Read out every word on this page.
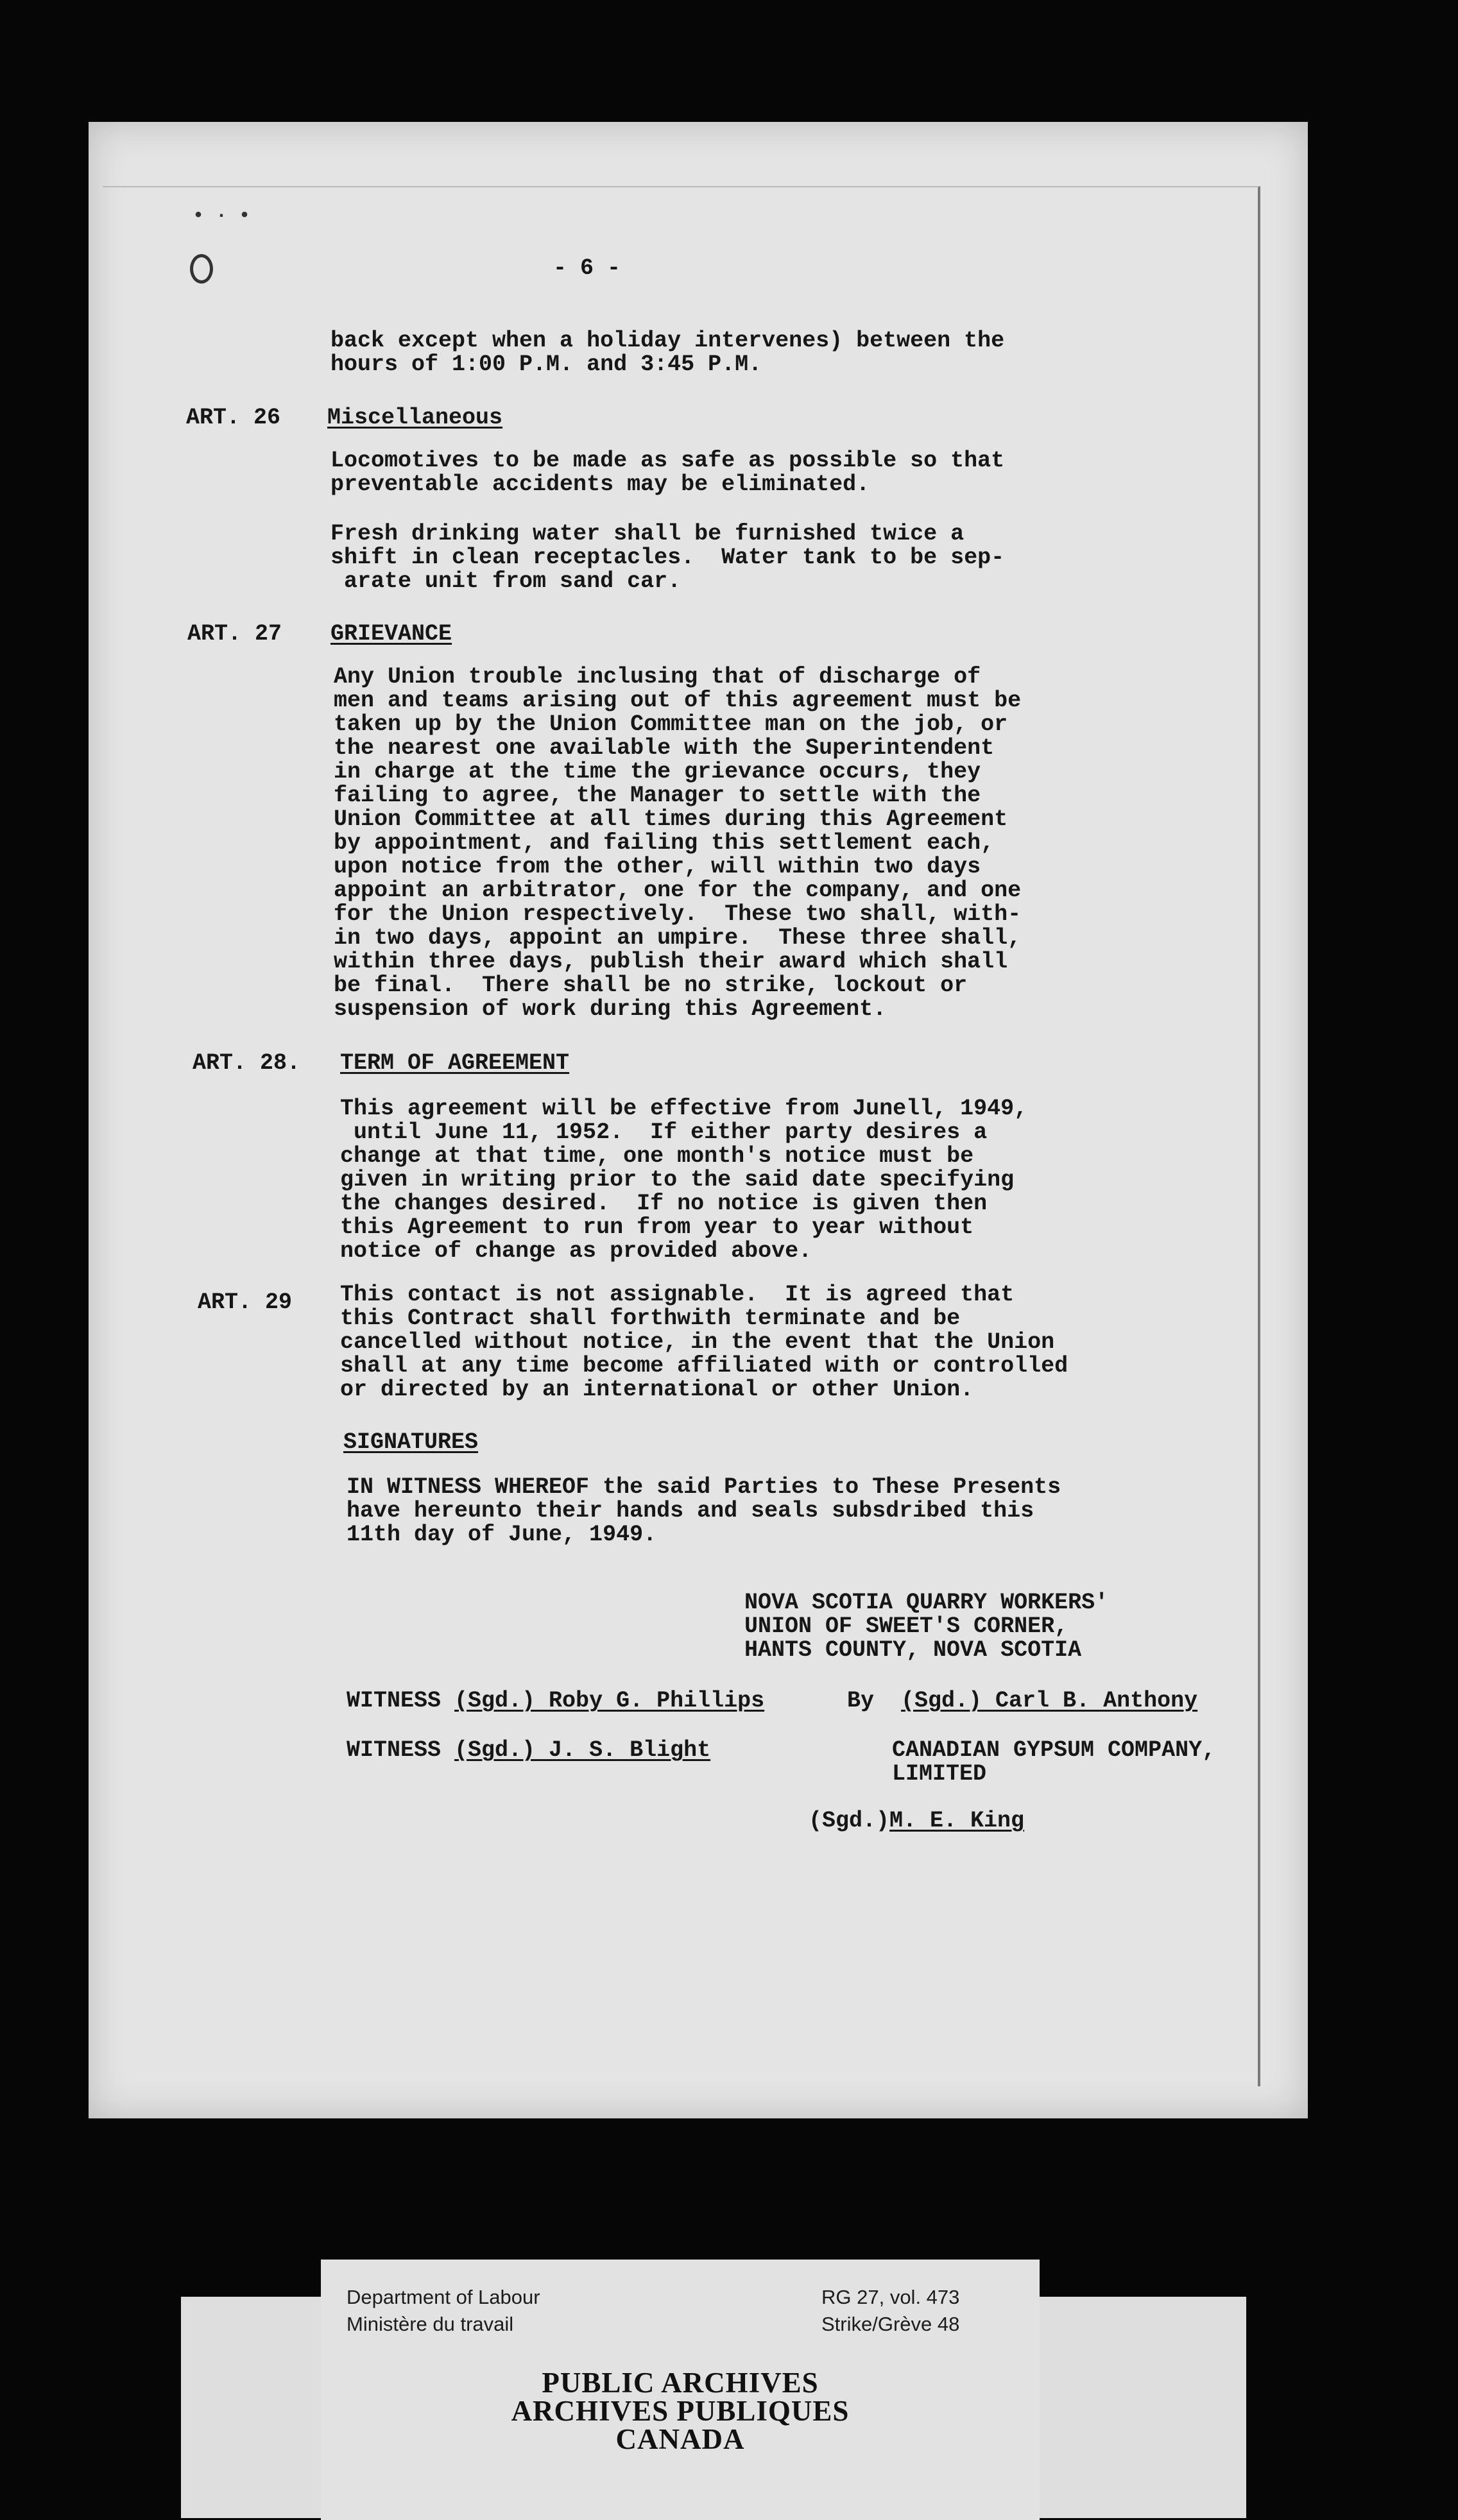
• · •

- 6 -

back except when a holiday intervenes) between the

hours of 1:00 P.M. and 3:45 P.M.

ART. 26 Miscellaneous

Locomotives to be made as safe as possible so that

preventable accidents may be eliminated.

Fresh drinking water shall be furnished twice a

shift in clean receptacles.  Water tank to be sep-

arate unit from sand car.

ART. 27 GRIEVANCE

Any Union trouble inclusing that of discharge of

men and teams arising out of this agreement must be

taken up by the Union Committee man on the job, or

the nearest one available with the Superintendent

in charge at the time the grievance occurs, they

failing to agree, the Manager to settle with the

Union Committee at all times during this Agreement

by appointment, and failing this settlement each,

upon notice from the other, will within two days

appoint an arbitrator, one for the company, and one

for the Union respectively.  These two shall, with-

in two days, appoint an umpire.  These three shall,

within three days, publish their award which shall

be final.  There shall be no strike, lockout or

suspension of work during this Agreement.

ART. 28. TERM OF AGREEMENT

This agreement will be effective from Junell, 1949,

until June 11, 1952.  If either party desires a

change at that time, one month's notice must be

given in writing prior to the said date specifying

the changes desired.  If no notice is given then

this Agreement to run from year to year without

notice of change as provided above.

ART. 29 This contact is not assignable.  It is agreed that

this Contract shall forthwith terminate and be

cancelled without notice, in the event that the Union

shall at any time become affiliated with or controlled

or directed by an international or other Union.

SIGNATURES

IN WITNESS WHEREOF the said Parties to These Presents

have hereunto their hands and seals subsdribed this

11th day of June, 1949.

NOVA SCOTIA QUARRY WORKERS'

UNION OF SWEET'S CORNER,

HANTS COUNTY, NOVA SCOTIA

WITNESS (Sgd.) Roby G. Phillips	By  (Sgd.) Carl B. Anthony

WITNESS (Sgd.) J. S. Blight	CANADIAN GYPSUM COMPANY,

LIMITED

(Sgd.)M. E. King

Department of Labour
Ministère du travail

RG 27, vol. 473
Strike/Grève 48

PUBLIC ARCHIVES
ARCHIVES PUBLIQUES
CANADA
